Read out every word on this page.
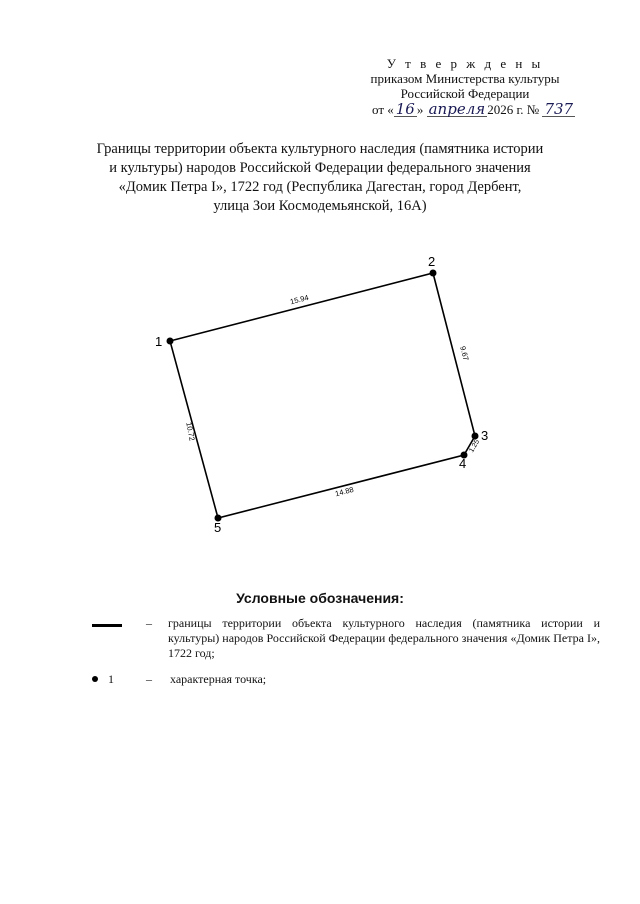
У т в е р ж д е н ы
приказом Министерства культуры
Российской Федерации
от « 16 » апреля 2026 г. № 737
Границы территории объекта культурного наследия (памятника истории
и культуры) народов Российской Федерации федерального значения
«Домик Петра I», 1722 год (Республика Дагестан, город Дербент,
улица Зои Космодемьянской, 16А)
1
2
3
4
5
15.94
9.67
1.25
14.88
10.72
Условные обозначения:
– границы территории объекта культурного наследия (памятника истории и культуры) народов Российской Федерации федерального значения «Домик Петра I», 1722 год;
1	– характерная точка;
